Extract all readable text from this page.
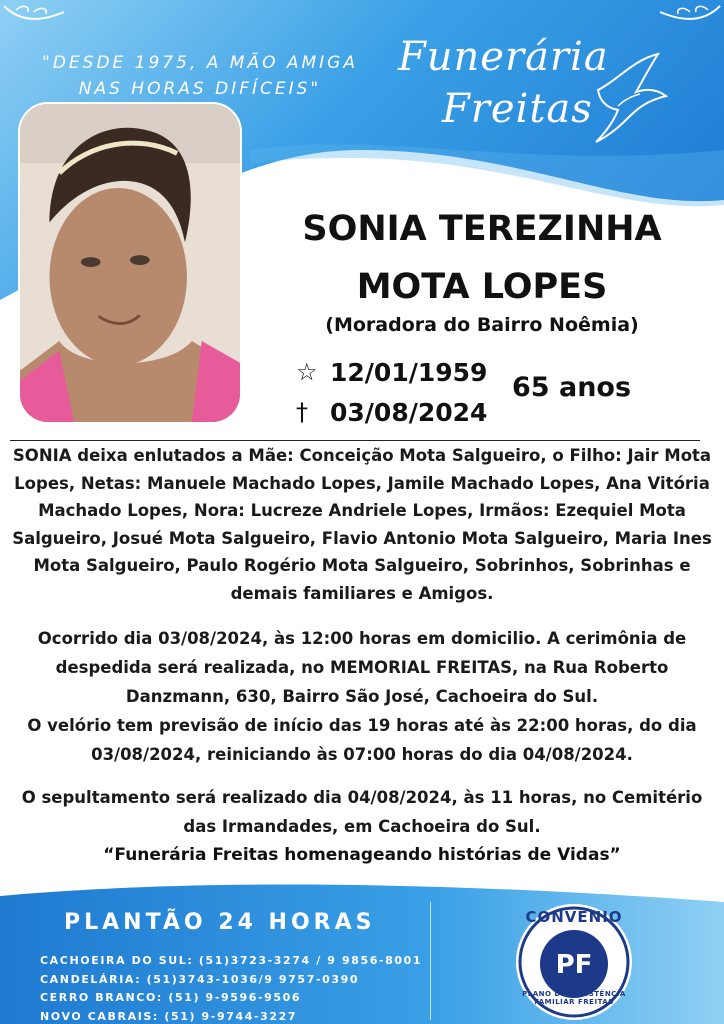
"DESDE 1975, A MÃO AMIGA
NAS HORAS DIFÍCEIS"
Funerária
Freitas
SONIA TEREZINHA
MOTA LOPES
(Moradora do Bairro Noêmia)
☆ 12/01/1959
† 03/08/2024
65 anos
SONIA deixa enlutados a Mãe: Conceição Mota Salgueiro, o Filho: Jair Mota Lopes, Netas: Manuele Machado Lopes, Jamile Machado Lopes, Ana Vitória Machado Lopes, Nora: Lucreze Andriele Lopes, Irmãos: Ezequiel Mota Salgueiro, Josué Mota Salgueiro, Flavio Antonio Mota Salgueiro, Maria Ines Mota Salgueiro, Paulo Rogério Mota Salgueiro, Sobrinhos, Sobrinhas e demais familiares e Amigos.
Ocorrido dia 03/08/2024, às 12:00 horas em domicilio. A cerimônia de despedida será realizada, no MEMORIAL FREITAS, na Rua Roberto Danzmann, 630, Bairro São José, Cachoeira do Sul.
O velório tem previsão de início das 19 horas até às 22:00 horas, do dia 03/08/2024, reiniciando às 07:00 horas do dia 04/08/2024.
O sepultamento será realizado dia 04/08/2024, às 11 horas, no Cemitério das Irmandades, em Cachoeira do Sul.
“Funerária Freitas homenageando histórias de Vidas”
PLANTÃO 24 HORAS
CACHOEIRA DO SUL: (51)3723-3274 / 9 9856-8001
CANDELÁRIA: (51)3743-1036/9 9757-0390
CERRO BRANCO: (51) 9-9596-9506
NOVO CABRAIS: (51) 9-9744-3227
CONVÊNIO
PF
PLANO DE ASSISTÊNCIA FAMILIAR FREITAS
